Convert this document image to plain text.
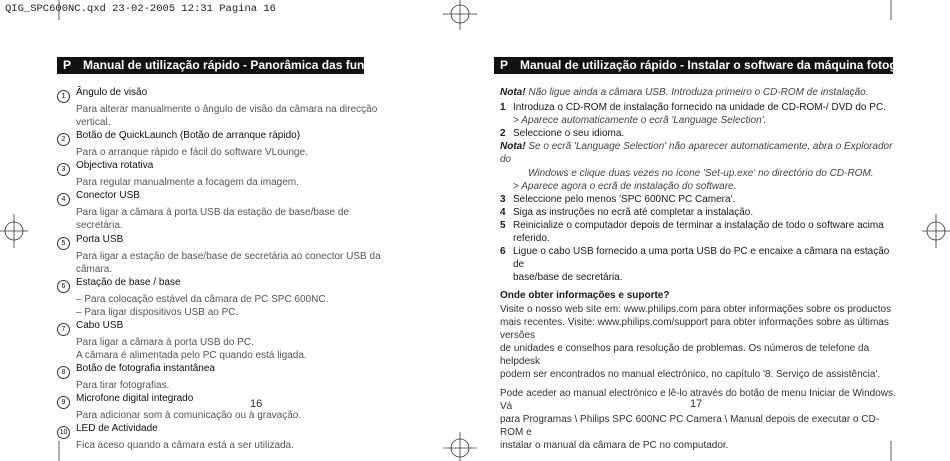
QIG_SPC600NC.qxd 23-02-2005 12:31 Pagina 16
P Manual de utilização rápido - Panorâmica das funções
1 Ângulo de visão
Para alterar manualmente o ângulo de visão da câmara na direcção vertical.
2 Botão de QuickLaunch (Botão de arranque rápido)
Para o arranque rápido e fácil do software VLounge.
3 Objectiva rotativa
Para regular manualmente a focagem da imagem.
4 Conector USB
Para ligar a câmara à porta USB da estação de base/base de secretária.
5 Porta USB
Para ligar a estação de base/base de secretária ao conector USB da câmara.
6 Estação de base / base
– Para colocação estável da câmara de PC SPC 600NC.
– Para ligar dispositivos USB ao PC.
7 Cabo USB
Para ligar a câmara à porta USB do PC.
A câmara é alimentada pelo PC quando está ligada.
8 Botão de fotografia instantânea
Para tirar fotografias.
9 Microfone digital integrado
Para adicionar som à comunicação ou à gravação.
10 LED de Actividade
Fica aceso quando a câmara está a ser utilizada.
16
P Manual de utilização rápido - Instalar o software da máquina fotográfica
Nota! Não ligue ainda a câmara USB. Introduza primeiro o CD-ROM de instalação.
1 Introduza o CD-ROM de instalação fornecido na unidade de CD-ROM-/ DVD do PC.
> Aparece automaticamente o ecrã 'Language Selection'.
2 Seleccione o seu idioma.
Nota! Se o ecrã 'Language Selection' não aparecer automaticamente, abra o Explorador do
Windows e clique duas vezes no ícone 'Set-up.exe' no directório do CD-ROM.
> Aparece agora o ecrã de instalação do software.
3 Seleccione pelo menos 'SPC 600NC PC Camera'.
4 Siga as instruções no ecrã até completar a instalação.
5 Reinicialize o computador depois de terminar a instalação de todo o software acima
referido.
6 Ligue o cabo USB fornecido a uma porta USB do PC e encaixe a câmara na estação de
base/base de secretária.
Onde obter informações e suporte?
Visite o nosso web site em: www.philips.com para obter informações sobre os productos
mais recentes. Visite: www.philips.com/support para obter informações sobre as últimas versões
de unidades e conselhos para resolução de problemas. Os números de telefone da helpdesk
podem ser encontrados no manual electrónico, no capítulo '8. Serviço de assistência'.
Pode aceder ao manual electrónico e lê-lo através do botão de menu Iniciar de Windows. Vá
para Programas \ Philips SPC 600NC PC Camera \ Manual depois de executar o CD-ROM e
instalar o manual da câmara de PC no computador.
17
